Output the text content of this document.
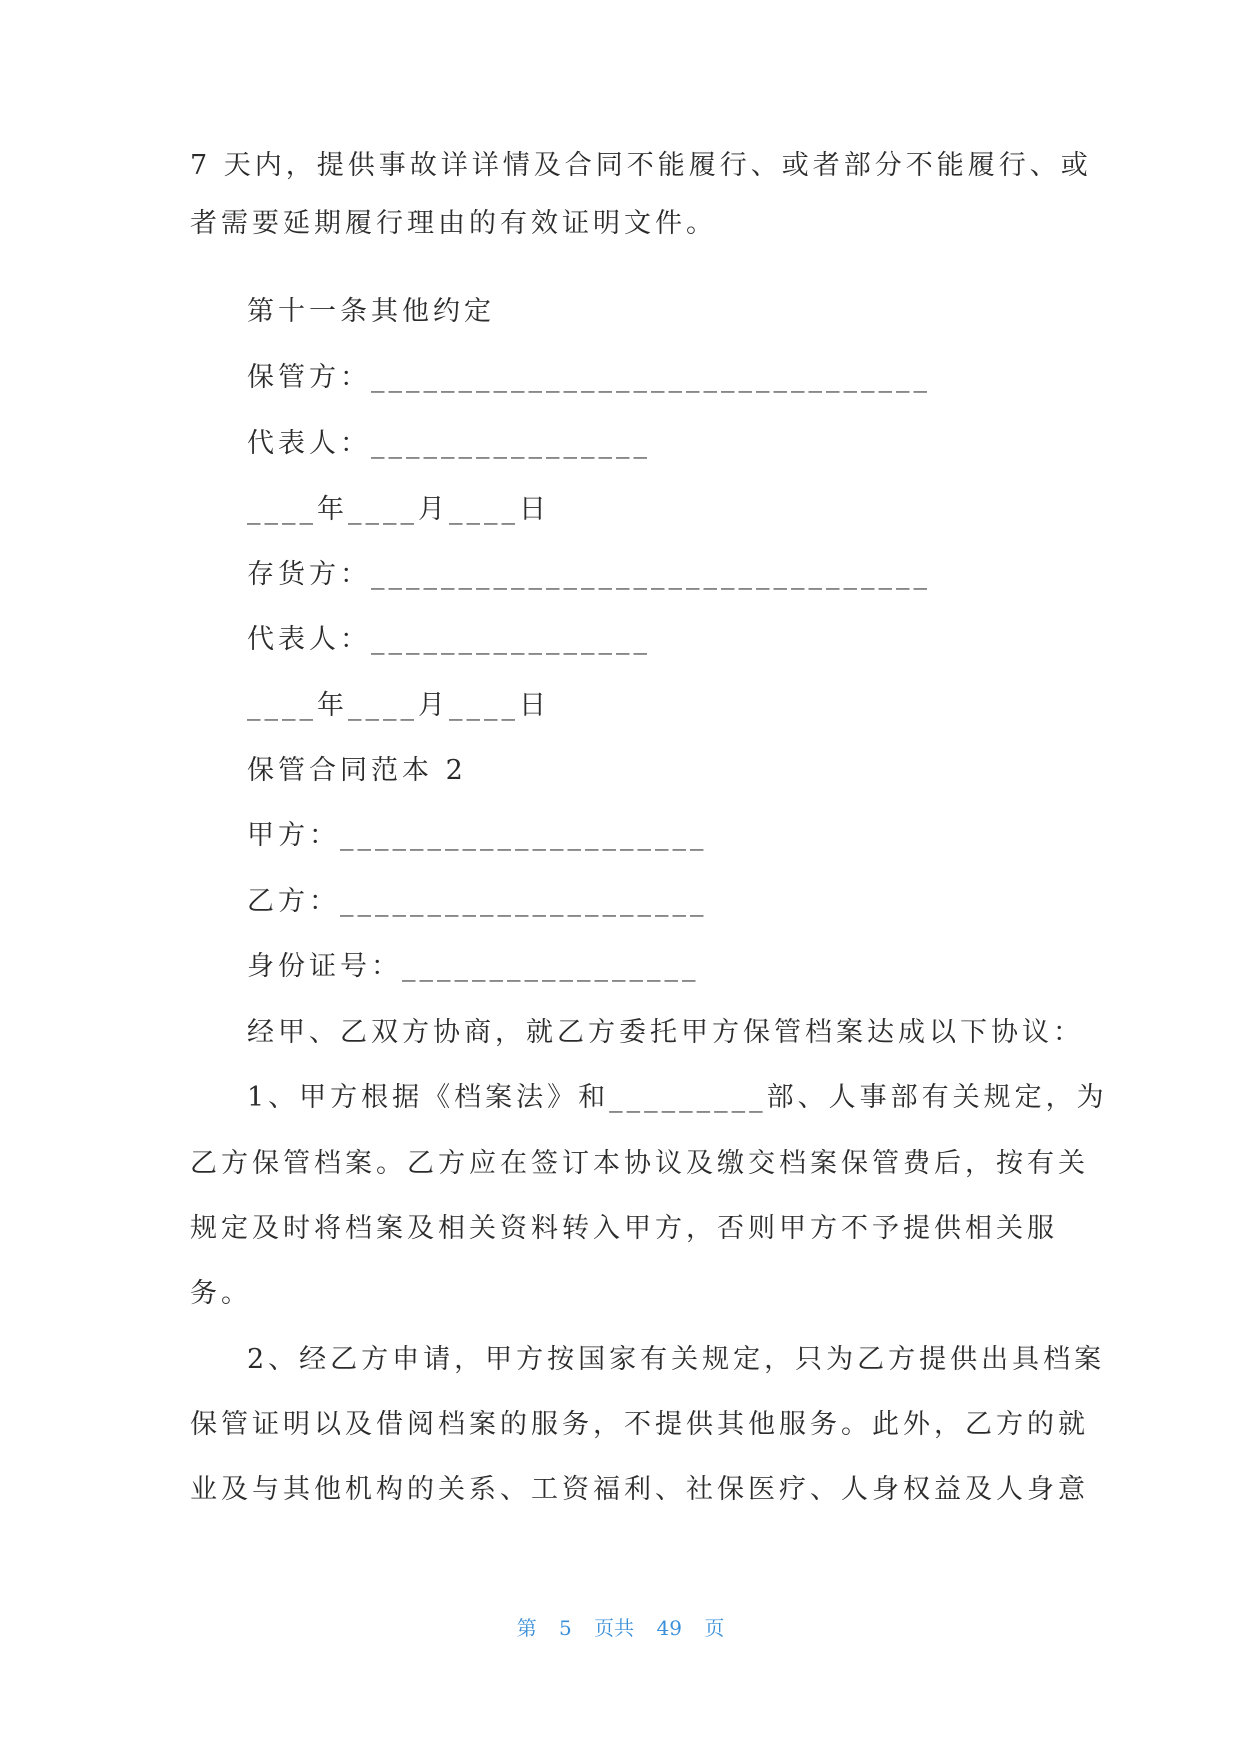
7 天内，提供事故详详情及合同不能履行、或者部分不能履行、或

者需要延期履行理由的有效证明文件。

第十一条其他约定

保管方：________________________________

代表人：________________

____年____月____日

存货方：________________________________

代表人：________________

____年____月____日

保管合同范本 2

甲方：_____________________

乙方：_____________________

身份证号：_________________

经甲、乙双方协商，就乙方委托甲方保管档案达成以下协议：

1、甲方根据《档案法》和_________部、人事部有关规定，为

乙方保管档案。乙方应在签订本协议及缴交档案保管费后，按有关

规定及时将档案及相关资料转入甲方，否则甲方不予提供相关服

务。

2、经乙方申请，甲方按国家有关规定，只为乙方提供出具档案

保管证明以及借阅档案的服务，不提供其他服务。此外，乙方的就

业及与其他机构的关系、工资福利、社保医疗、人身权益及人身意

第 5 页共 49 页
